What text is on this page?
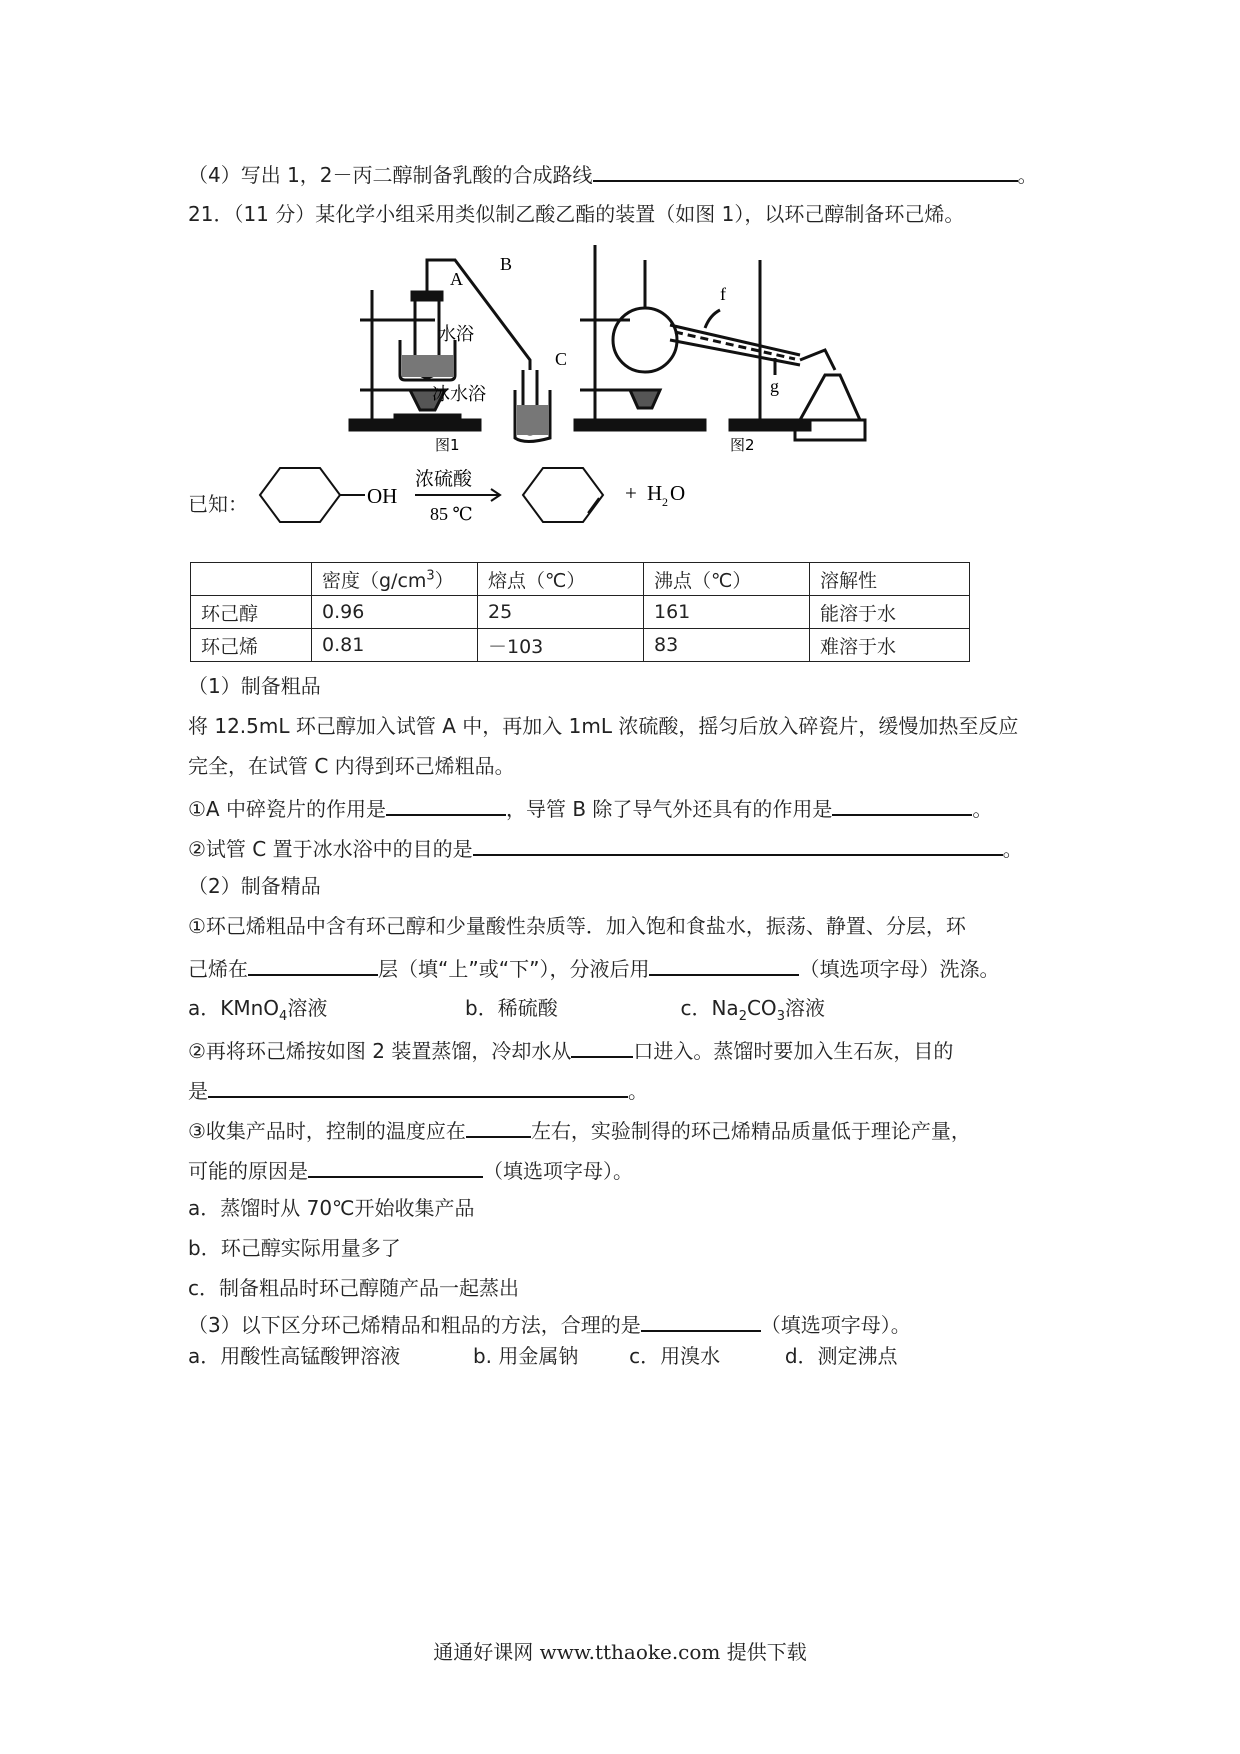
（4）写出 1，2－丙二醇制备乳酸的合成路线	。
21．（11 分）某化学小组采用类似制乙酸乙酯的装置（如图 1），以环己醇制备环己烯。
A
B
C
水浴
冰水浴
图1
f
g
图2
已知：	OH
浓硫酸
85 ℃
+ H 2 O
	密度$(g/cm^3)$	熔点（℃）	沸点（℃）	溶解性
环己醇	0.96	25	161	能溶于水
环己烯	0.81	－103	83	难溶于水
（1）制备粗品
将 12.5mL 环己醇加入试管 A 中，再加入 1mL 浓硫酸，摇匀后放入碎瓷片，缓慢加热至反应
完全，在试管 C 内得到环己烯粗品。
①A 中碎瓷片的作用是	，导管 B 除了导气外还具有的作用是	。
②试管 C 置于冰水浴中的目的是	。
（2）制备精品
①环己烯粗品中含有环己醇和少量酸性杂质等．加入饱和食盐水，振荡、静置、分层，环
己烯在	层（填“上”或“下”），分液后用	（填选项字母）洗涤。
a．KMnO$_4$溶液	b．稀硫酸	c．$Na_2CO_3$溶液
②再将环己烯按如图 2 装置蒸馏，冷却水从	口进入。蒸馏时要加入生石灰，目的
是	。
③收集产品时，控制的温度应在	左右，实验制得的环己烯精品质量低于理论产量，
可能的原因是	（填选项字母）。
a．蒸馏时从 70℃开始收集产品
b．环己醇实际用量多了
c．制备粗品时环己醇随产品一起蒸出
（3）以下区分环己烯精品和粗品的方法，合理的是	（填选项字母）。
a．用酸性高锰酸钾溶液	b. 用金属钠	c．用溴水	d．测定沸点
通通好课网 www.tthaoke.com 提供下载
